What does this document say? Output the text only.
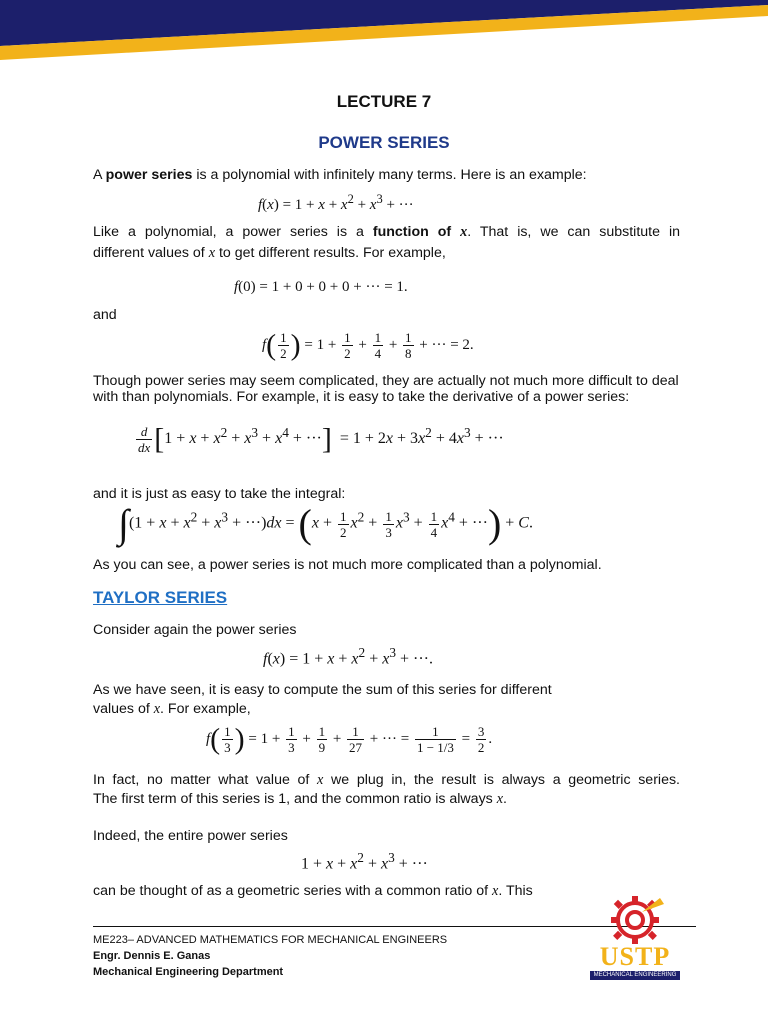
LECTURE 7
POWER SERIES
A power series is a polynomial with infinitely many terms. Here is an example:
$f(x) = 1 + x + x^2 + x^3$ + ···
Like a polynomial, a power series is a function of x. That is, we can substitute in
different values of x to get different results. For example,
f(0) = 1 + 0 + 0 + 0 + ··· = 1.
and
$f( \frac{1}{2}$ ) = $1 + \frac{1}{2} + \frac{1}{4} + \frac{1}{8}$ + ··· = 2.
Though power series may seem complicated, they are actually not much more difficult to deal with than polynomials. For example, it is easy to take the derivative of a power series:
$\frac{d}{dx} [1 + x + x^2 + x^3 + x^4$ + ···]  = $1 + 2x + 3x^2 + 4x^3$ + ···
and it is just as easy to take the integral:
$\int(1 + x + x^2 + x^3 + \cdot\cdot\cdot)dx = (x + \frac{1}{2} x^2 + \frac{1}{3} x^3 + \frac{1}{4} x^4$ + ···) + C.
As you can see, a power series is not much more complicated than a polynomial.
TAYLOR SERIES
Consider again the power series
$f(x) = 1 + x + x^2 + x^3$ + ···.
As we have seen, it is easy to compute the sum of this series for different
values of x. For example,
$f( \frac{1}{3}$ ) = $1 + \frac{1}{3} + \frac{1}{9} + \frac{1}{27}$ + ··· = $\frac{1}{1 - 1/3} = \frac{3}{2}$ .
In fact, no matter what value of x we plug in, the result is always a geometric series.
The first term of this series is 1, and the common ratio is always x.
Indeed, the entire power series
$1 + x + x^2 + x^3$ + ···
can be thought of as a geometric series with a common ratio of x. This
ME223– ADVANCED MATHEMATICS FOR MECHANICAL ENGINEERS
Engr. Dennis E. Ganas
Mechanical Engineering Department
USTP
MECHANICAL ENGINEERING
